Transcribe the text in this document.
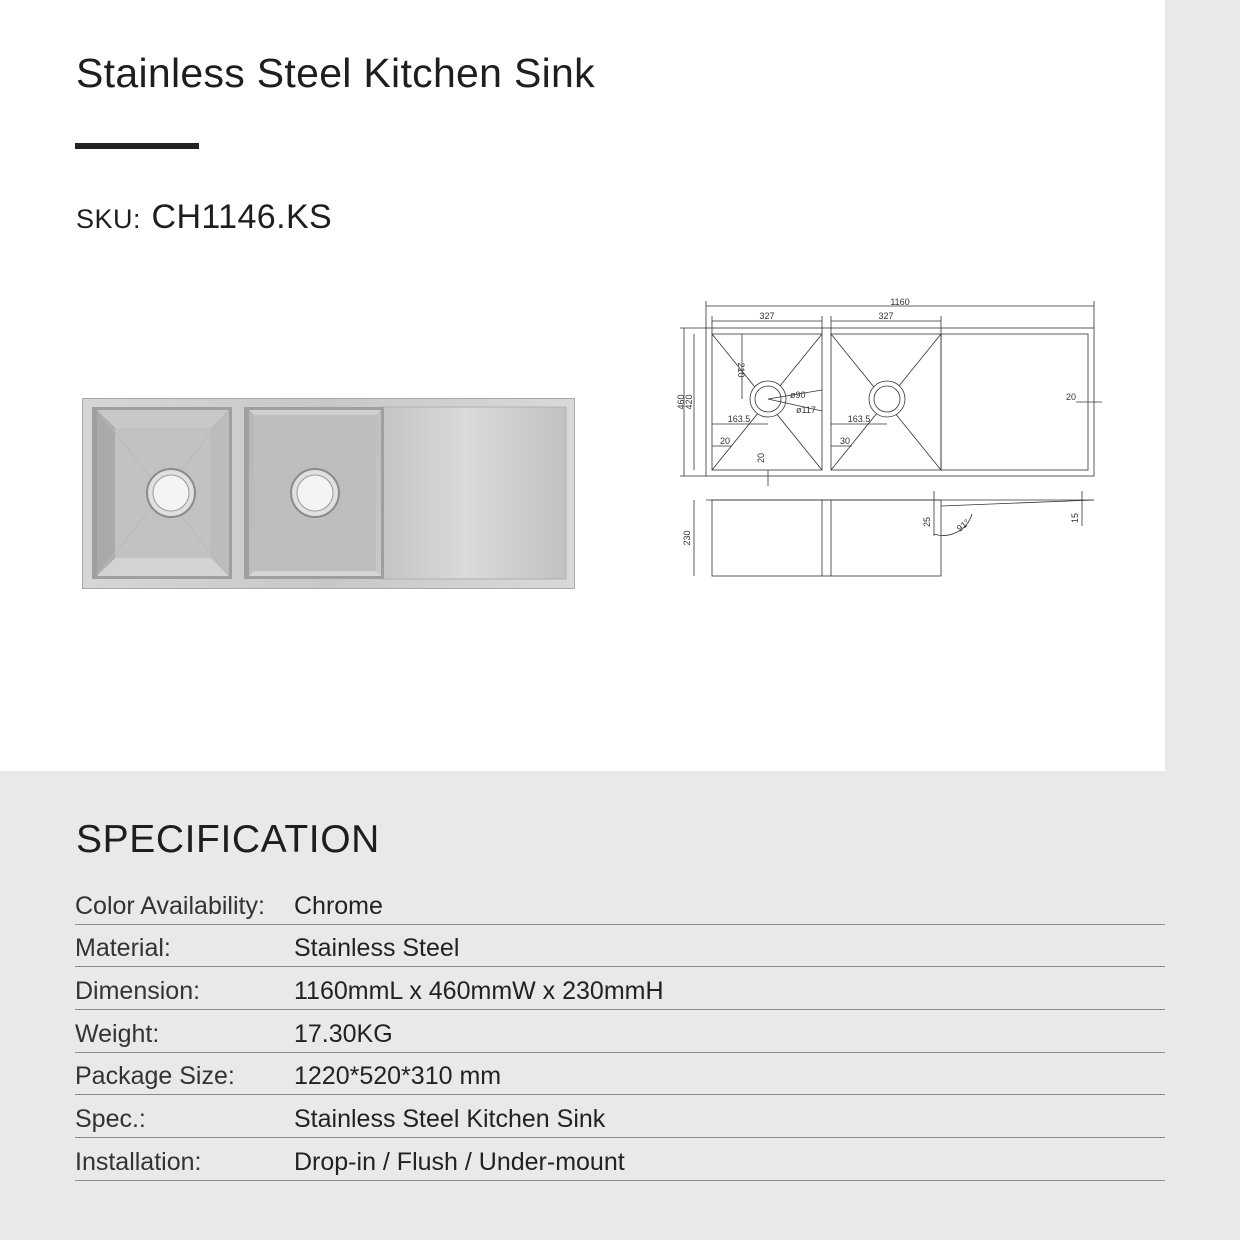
Stainless Steel Kitchen Sink
SKU: CH1146.KS
1160
327	327
460
420
210
ø90
ø117
163.5	163.5
20	30
20
20
230
25	91°	15
SPECIFICATION
Color Availability: Chrome
Material:	Stainless Steel
Dimension:	1160mmL x 460mmW x 230mmH
Weight:	17.30KG
Package Size: 1220*520*310 mm
Spec.:	Stainless Steel Kitchen Sink
Installation:	Drop-in / Flush / Under-mount
